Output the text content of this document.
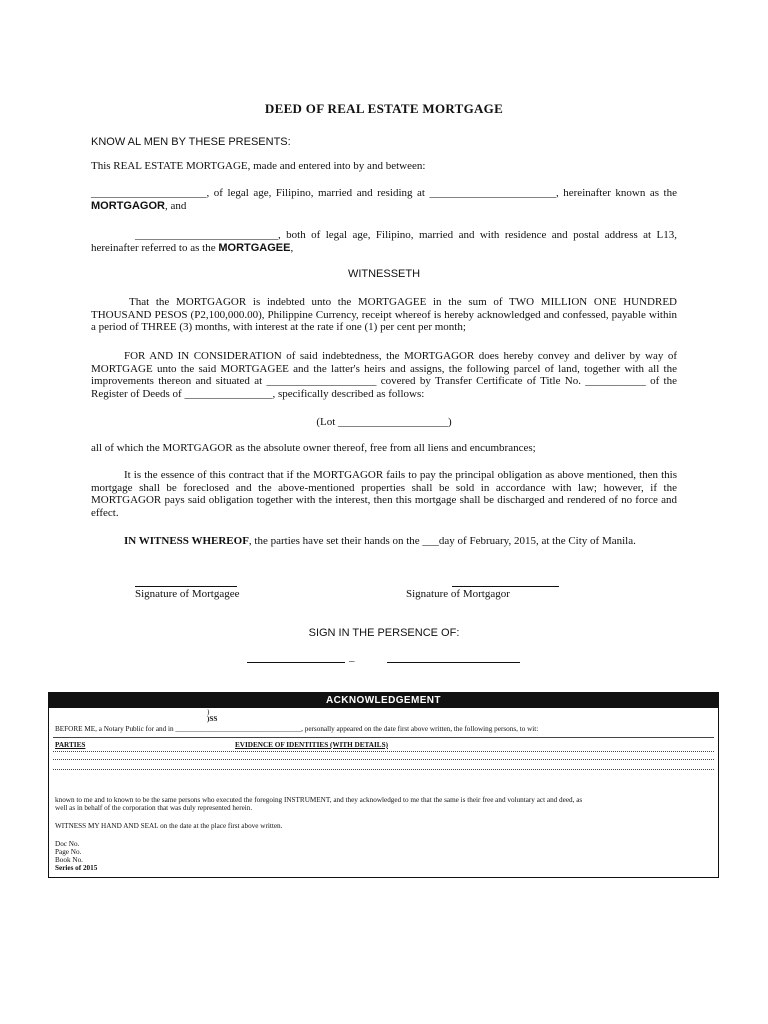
DEED OF REAL ESTATE MORTGAGE
KNOW AL MEN BY THESE PRESENTS:
This REAL ESTATE MORTGAGE, made and entered into by and between:
_____________________, of legal age, Filipino, married and residing at _______________________, hereinafter known as the MORTGAGOR, and
__________________________, both of legal age, Filipino, married and with residence and postal address at L13, hereinafter referred to as the MORTGAGEE,
WITNESSETH
That the MORTGAGOR is indebted unto the MORTGAGEE in the sum of TWO MILLION ONE HUNDRED THOUSAND PESOS (P2,100,000.00), Philippine Currency, receipt whereof is hereby acknowledged and confessed, payable within a period of THREE (3) months, with interest at the rate if one (1) per cent per month;
FOR AND IN CONSIDERATION of said indebtedness, the MORTGAGOR does hereby convey and deliver by way of MORTGAGE unto the said MORTGAGEE and the latter's heirs and assigns, the following parcel of land, together with all the improvements thereon and situated at ____________________ covered by Transfer Certificate of Title No. ___________ of the Register of Deeds of ________________, specifically described as follows:
(Lot ____________________)
all of which the MORTGAGOR as the absolute owner thereof, free from all liens and encumbrances;
It is the essence of this contract that if the MORTGAGOR fails to pay the principal obligation as above mentioned, then this mortgage shall be foreclosed and the above-mentioned properties shall be sold in accordance with law; however, if the MORTGAGOR pays said obligation together with the interest, then this mortgage shall be discharged and rendered of no force and effect.
IN WITNESS WHEREOF, the parties have set their hands on the ___day of February, 2015, at the City of Manila.
Signature of Mortgagee	Signature of Mortgagor
SIGN IN THE PERSENCE OF:
_
ACKNOWLEDGEMENT
)
)SS
BEFORE ME, a Notary Public for and in ___________________________________, personally appeared on the date first above written, the following persons, to wit:
PARTIES	EVIDENCE OF IDENTITIES (WITH DETAILS)
known to me and to known to be the same persons who executed the foregoing INSTRUMENT, and they acknowledged to me that the same is their free and voluntary act and deed, as
well as in behalf of the corporation that was duly represented herein.
WITNESS MY HAND AND SEAL on the date at the place first above written.
Doc No.
Page No.
Book No.
Series of 2015
